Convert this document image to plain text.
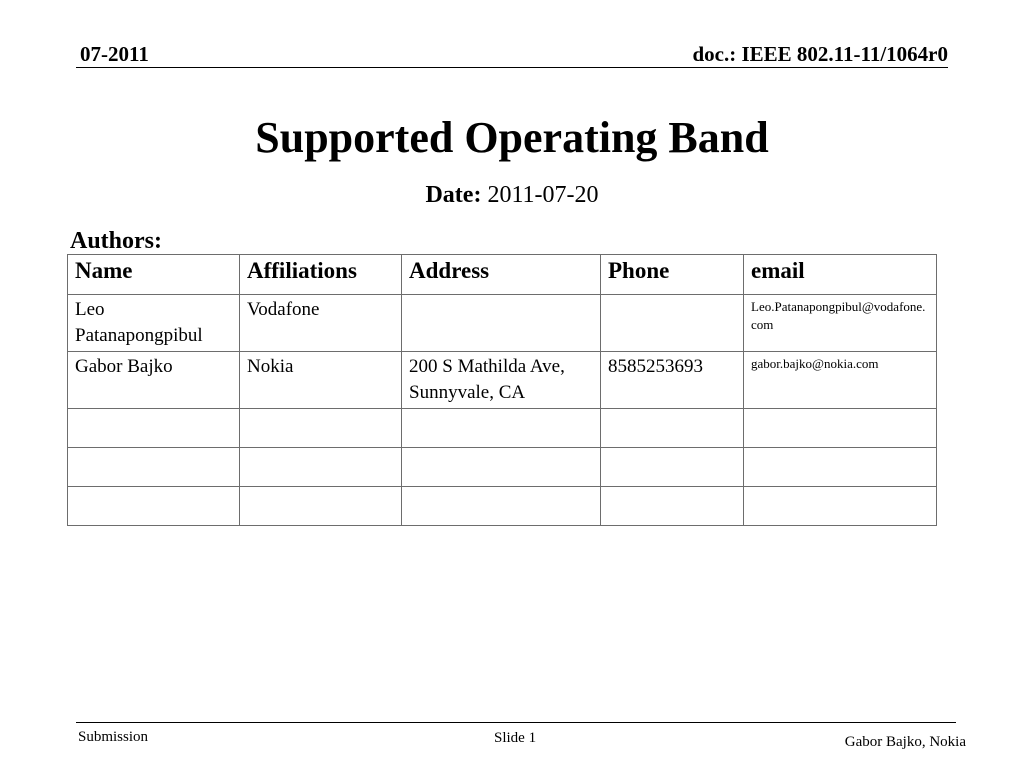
07-2011	doc.: IEEE 802.11-11/1064r0
Supported Operating Band
Date: 2011-07-20
Authors:
Name	Affiliations	Address	Phone	email
Leo Patanapongpibul	Vodafone			Leo.Patanapongpibul@vodafone.com
Gabor Bajko	Nokia	200 S Mathilda Ave, Sunnyvale, CA	8585253693	gabor.bajko@nokia.com

Submission	Slide 1	Gabor Bajko, Nokia
